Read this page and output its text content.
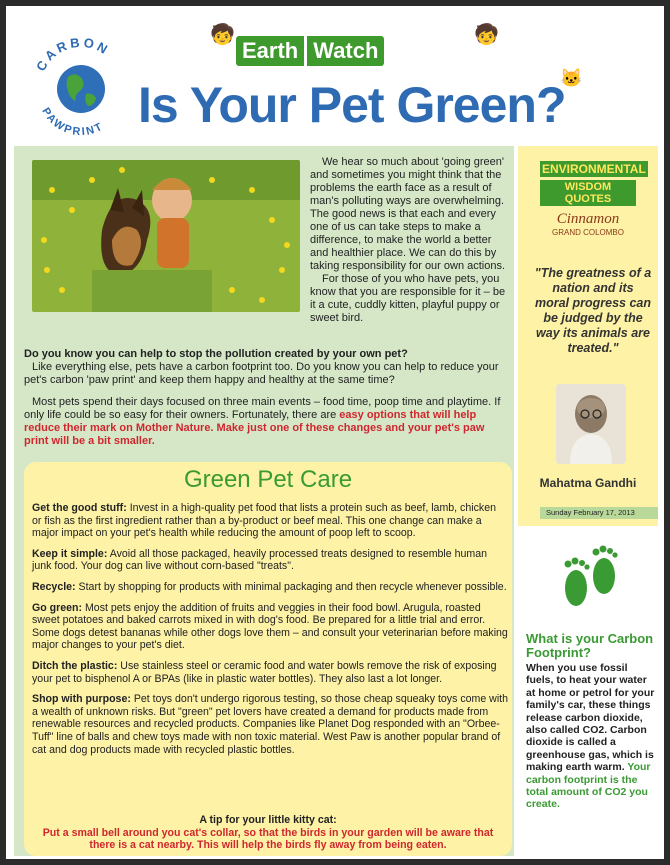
CARBON
PAWPRINT
🧒
Earth Watch
🧒
🐱
Is Your Pet Green?

We hear so much about 'going green' and sometimes you might think that the problems the earth face as a result of man's polluting ways are overwhelming. The good news is that each and every one of us can take steps to make a difference, to make the world a better and healthier place. We can do this by taking responsibility for our own actions.

For those of you who have pets, you know that you are responsible for it – be it a cute, cuddly kitten, playful puppy or sweet bird.

Do you know you can help to stop the pollution created by your own pet?

Like everything else, pets have a carbon footprint too. Do you know you can help to reduce your pet's carbon 'paw print' and keep them happy and healthy at the same time?

Most pets spend their days focused on three main events – food time, poop time and playtime. If only life could be so easy for their owners. Fortunately, there are easy options that will help reduce their mark on Mother Nature. Make just one of these changes and your pet's paw print will be a bit smaller.

Green Pet Care

Get the good stuff: Invest in a high-quality pet food that lists a protein such as beef, lamb, chicken or fish as the first ingredient rather than a by-product or beef meal. This one change can make a major impact on your pet's health while reducing the amount of poop left to scoop.

Keep it simple: Avoid all those packaged, heavily processed treats designed to resemble human junk food. Your dog can live without corn-based "treats".

Recycle: Start by shopping for products with minimal packaging and then recycle whenever possible.

Go green: Most pets enjoy the addition of fruits and veggies in their food bowl. Arugula, roasted sweet potatoes and baked carrots mixed in with dog's food. Be prepared for a little trial and error. Some dogs detest bananas while other dogs love them – and consult your veterinarian before making major changes to your pet's diet.

Ditch the plastic: Use stainless steel or ceramic food and water bowls remove the risk of exposing your pet to bisphenol A or BPAs (like in plastic water bottles). They also last a lot longer.

Shop with purpose: Pet toys don't undergo rigorous testing, so those cheap squeaky toys come with a wealth of unknown risks. But "green" pet lovers have created a demand for products made from renewable resources and recycled products. Companies like Planet Dog responded with an "Orbee-Tuff" line of balls and chew toys made with non toxic material. West Paw is another popular brand of cat and dog products made with recycled plastic bottles.

A tip for your little kitty cat:
Put a small bell around you cat's collar, so that the birds in your garden will be aware that there is a cat nearby. This will help the birds fly away from being eaten.
ENVIRONMENTAL
WISDOM QUOTES
Cinnamon
GRAND COLOMBO
"The greatness of a nation and its moral progress can be judged by the way its animals are treated."
Mahatma Gandhi
Sunday February 17, 2013
What is your Carbon Footprint?
When you use fossil fuels, to heat your water at home or petrol for your family's car, these things release carbon dioxide, also called CO2. Carbon dioxide is called a greenhouse gas, which is making earth warm. Your carbon footprint is the total amount of CO2 you create.
